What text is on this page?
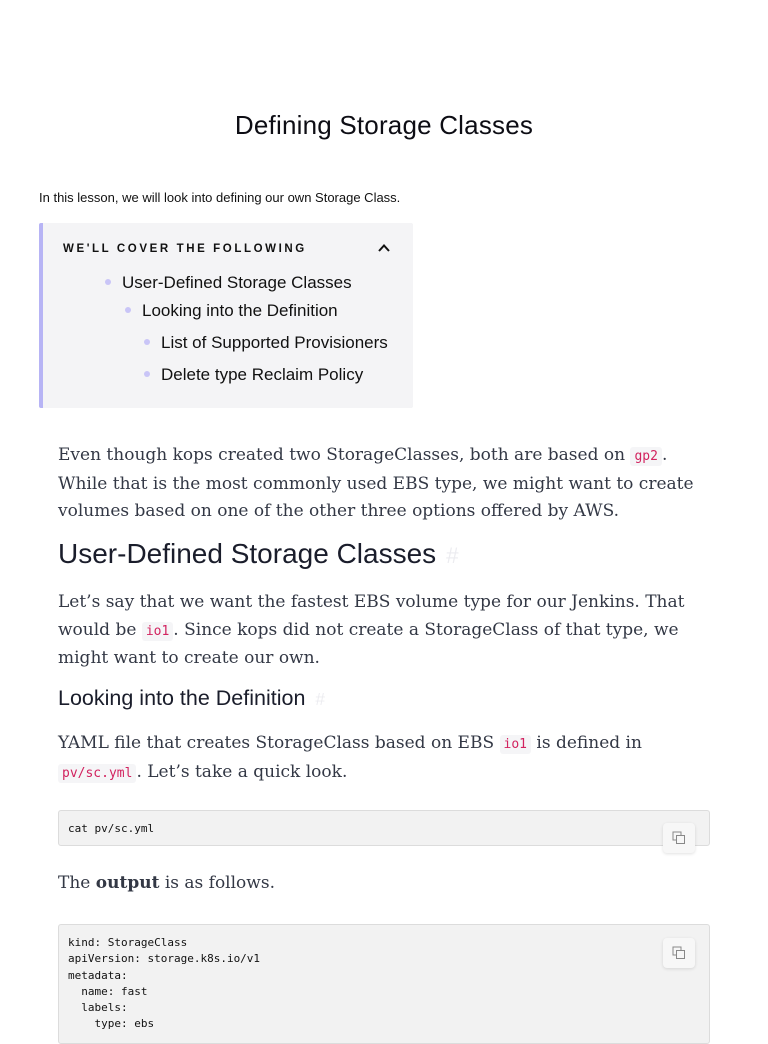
Defining Storage Classes
In this lesson, we will look into defining our own Storage Class.
WE'LL COVER THE FOLLOWING
User-Defined Storage Classes
Looking into the Definition
List of Supported Provisioners
Delete type Reclaim Policy

Even though kops created two StorageClasses, both are based on gp2 . While that is the most commonly used EBS type, we might want to create volumes based on one of the other three options offered by AWS.

User-Defined Storage Classes #

Let’s say that we want the fastest EBS volume type for our Jenkins. That would be io1 . Since kops did not create a StorageClass of that type, we might want to create our own.

Looking into the Definition #

YAML file that creates StorageClass based on EBS io1 is defined in pv/sc.yml . Let’s take a quick look.

cat pv/sc.yml

The output is as follows.

kind: StorageClass
apiVersion: storage.k8s.io/v1
metadata:
name: fast
labels:
type: ebs
